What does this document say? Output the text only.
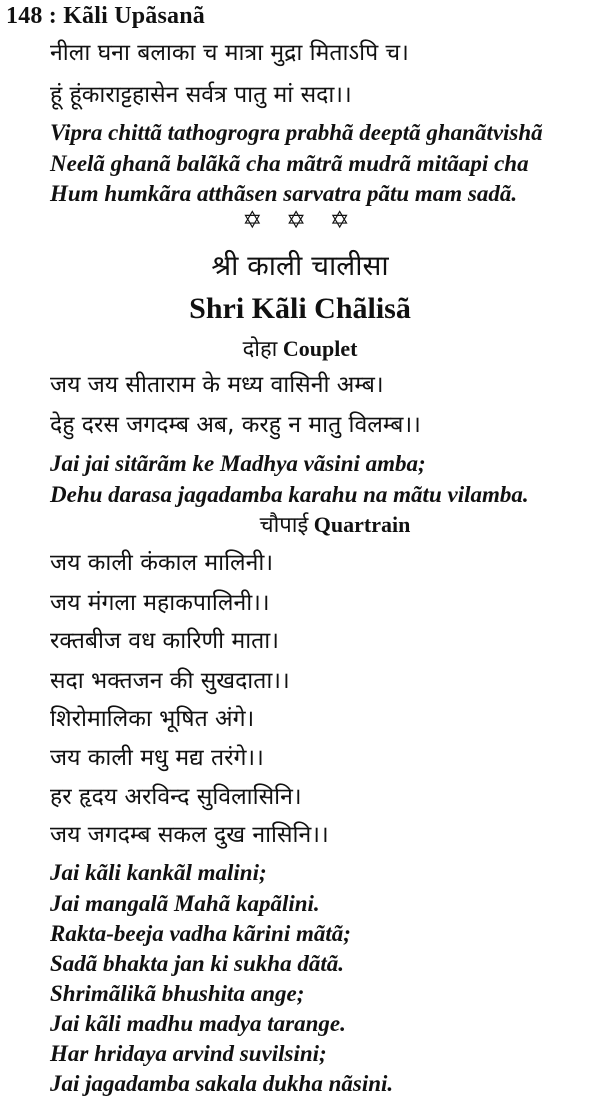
148 : Kãli Upãsanã
नीला घना बलाका च मात्रा मुद्रा मिताऽपि च।
हूं हूंकाराट्टहासेन सर्वत्र पातु मां सदा।।
Vipra chittã tathogrogra prabhã deeptã ghanãtvishã
Neelã ghanã balãkã cha mãtrã mudrã mitãapi cha
Hum humkãra atthãsen sarvatra pãtu mam sadã.
✡ ✡ ✡
श्री काली चालीसा
Shri Kãli Chãlisã
दोहा Couplet
जय जय सीताराम के मध्य वासिनी अम्ब।
देहु दरस जगदम्ब अब, करहु न मातु विलम्ब।।
Jai jai sitãrãm ke Madhya vãsini amba;
Dehu darasa jagadamba karahu na mãtu vilamba.
चौपाई Quartrain
जय काली कंकाल मालिनी।
जय मंगला महाकपालिनी।।
रक्तबीज वध कारिणी माता।
सदा भक्तजन की सुखदाता।।
शिरोमालिका भूषित अंगे।
जय काली मधु मद्य तरंगे।।
हर हृदय अरविन्द सुविलासिनि।
जय जगदम्ब सकल दुख नासिनि।।
Jai kãli kankãl malini;
Jai mangalã Mahã kapãlini.
Rakta-beeja vadha kãrini mãtã;
Sadã bhakta jan ki sukha dãtã.
Shrimãlikã bhushita ange;
Jai kãli madhu madya tarange.
Har hridaya arvind suvilsini;
Jai jagadamba sakala dukha nãsini.
